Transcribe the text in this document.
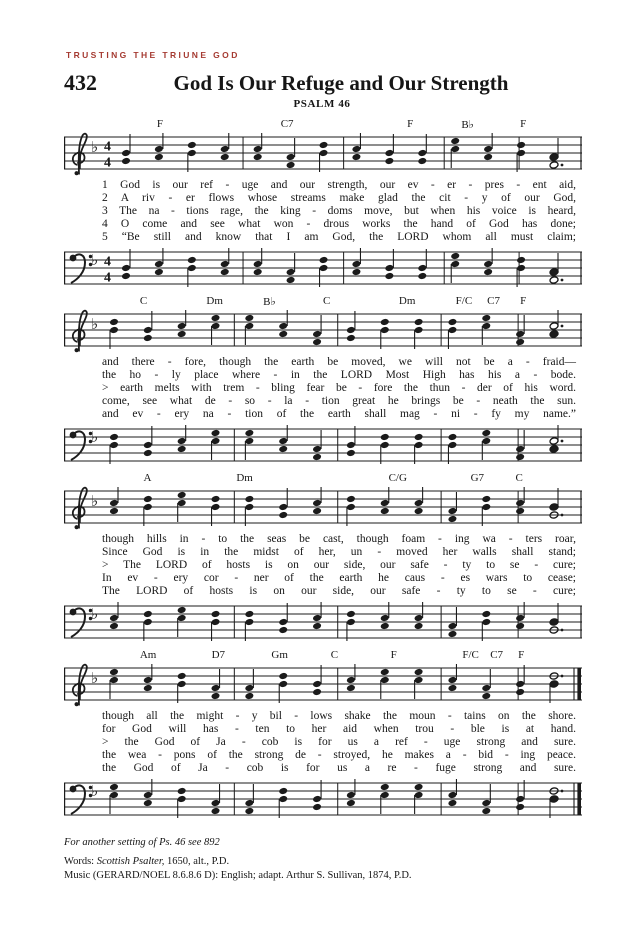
TRUSTING THE TRIUNE GOD
432	God Is Our Refuge and Our Strength
PSALM 46
F	C7	F	B♭	F
♭ 4
4
1 God is our ref - uge and our strength, our ev - er - pres - ent aid,
2 A riv - er flows whose streams make glad the cit - y of our God,
3 The na - tions rage, the king - doms move, but when his voice is heard,
4 O come and see what won - drous works the hand of God has done;
5 “Be still and know that I am God, the LORD whom all must claim;
♭ 4
4
C	Dm	B♭	C	Dm	F/C C7 F
♭
and there - fore, though the earth be moved, we will not be a - fraid—
the ho - ly place where - in the LORD Most High has his a - bode.
> earth melts with trem - bling fear be - fore the thun - der of his word.
come, see what de - so - la - tion great he brings be - neath the sun.
and ev - ery na - tion of the earth shall mag - ni - fy my name.”
♭
A	Dm	C/G	G7	C
♭
though hills in - to the seas be cast, though foam - ing wa - ters roar,
Since God is in the midst of her, un - moved her walls shall stand;
> The LORD of hosts is on our side, our safe - ty to se - cure;
In ev - ery cor - ner of the earth he caus - es wars to cease;
The LORD of hosts is on our side, our safe - ty to se - cure;
♭
Am	D7	Gm	C	F	F/C C7 F
♭
though all the might - y bil - lows shake the moun - tains on the shore.
for God will has - ten to her aid when trou - ble is at hand.
> the God of Ja - cob is for us a ref - uge strong and sure.
the wea - pons of the strong de - stroyed, he makes a - bid - ing peace.
the God of Ja - cob is for us a re - fuge strong and sure.
♭
For another setting of Ps. 46 see 892
Words: Scottish Psalter, 1650, alt., P.D.
Music (GERARD/NOEL 8.6.8.6 D): English; adapt. Arthur S. Sullivan, 1874, P.D.
